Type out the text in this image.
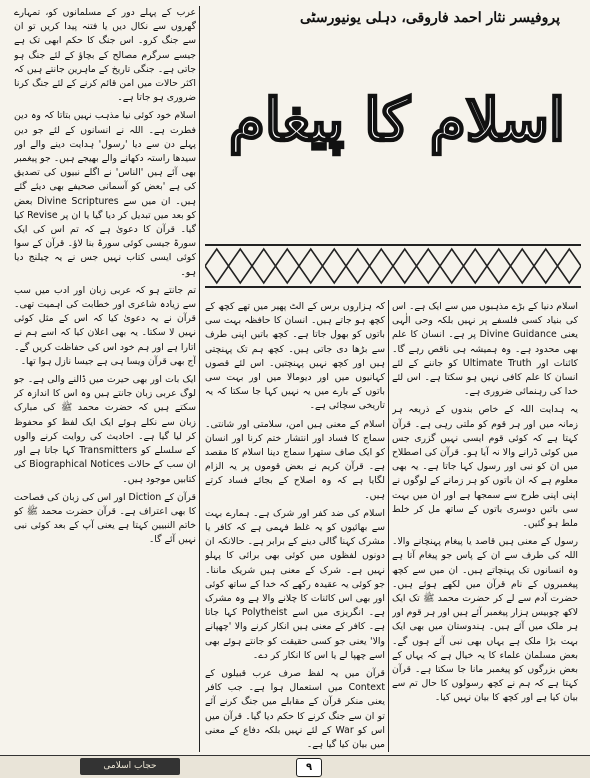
پروفیسر نثار احمد فاروقی، دہلی یونیورسٹی
اسلام کا پیغام

عرب کے پہلے دور کے مسلمانوں کو، تمہارے گھروں سے نکال دیں یا فتنہ پیدا کریں تو ان سے جنگ کرو۔ اس جنگ کا حکم ابھی تک ہے جیسے سرگرم مصالح کے بچاؤ کے لئے جنگ ہو جاتی ہے۔ جنگی تاریخ کے ماہرین جانتے ہیں کہ اکثر حالات میں امن قائم کرنے کے لئے جنگ کرنا ضروری ہو جاتا ہے۔

اسلام خود کوئی نیا مذہب نہیں بتاتا کہ وہ دین فطرت ہے۔ اللہ نے انسانوں کے لئے جو دین پہلے دن سے دیا 'رسول' ہدایت دینے والے اور سیدھا راستہ دکھانے والے بھیجے ہیں۔ جو پیغمبر بھی آئے ہیں 'الناس' نے اگلے نبیوں کی تصدیق کی ہے 'بعض کو آسمانی صحیفے بھی دیئے گئے ہیں۔ ان میں سے Divine Scriptures بعض کو بعد میں تبدیل کر دیا گیا یا ان پر Revise کیا گیا۔ قرآن کا دعویٰ ہے کہ تم اس کی ایک سورۃ جیسی کوئی سورۃ بنا لاؤ۔ قرآن کے سوا کوئی ایسی کتاب نہیں جس نے یہ چیلنج دیا ہو۔

تم جانتے ہو کہ عربی زبان اور ادب میں سب سے زیادہ شاعری اور خطابت کی اہمیت تھی۔ قرآن نے یہ دعویٰ کیا کہ اس کے مثل کوئی نہیں لا سکتا۔ یہ بھی اعلان کیا کہ اسے ہم نے اتارا ہے اور ہم خود اس کی حفاظت کریں گے۔ آج بھی قرآن ویسا ہی ہے جیسا نازل ہوا تھا۔

ایک بات اور بھی حیرت میں ڈالنے والی ہے۔ جو لوگ عربی زبان جانتے ہیں وہ اس کا اندازہ کر سکتے ہیں کہ حضرت محمد ﷺ کی مبارک زبان سے نکلے ہوئے ایک ایک لفظ کو محفوظ کر لیا گیا ہے۔ احادیث کی روایت کرنے والوں کے سلسلے کو Transmitters کہا جاتا ہے اور ان سب کے حالات Biographical Notices کی کتابیں موجود ہیں۔

قرآن کے Diction اور اس کی زبان کی فصاحت کا بھی اعتراف ہے۔ قرآن حضرت محمد ﷺ کو خاتم النبیین کہتا ہے یعنی آپ کے بعد کوئی نبی نہیں آئے گا۔

کہ ہزاروں برس کے الٹ پھیر میں تھے کچھ کے کچھ ہو جاتے ہیں۔ انسان کا حافظہ بہت سی باتوں کو بھول جاتا ہے۔ کچھ باتیں اپنی طرف سے بڑھا دی جاتی ہیں۔ کچھ ہم تک پہنچتی ہیں اور کچھ نہیں پہنچتیں۔ اس لئے قصوں کہانیوں میں اور دیومالا میں اور بہت سی باتوں کے بارے میں یہ نہیں کہا جا سکتا کہ یہ تاریخی سچائی ہے۔

اسلام کے معنی ہیں امن، سلامتی اور شانتی۔ سماج کا فساد اور انتشار ختم کرنا اور انسان کو ایک صاف ستھرا سماج دینا اسلام کا مقصد ہے۔ قرآن کریم نے بعض قوموں پر یہ الزام لگایا ہے کہ وہ اصلاح کے بجائے فساد کرتے ہیں۔

اسلام کی ضد کفر اور شرک ہے۔ ہمارے بہت سے بھائیوں کو یہ غلط فہمی ہے کہ کافر یا مشرک کہنا گالی دینے کے برابر ہے۔ حالانکہ ان دونوں لفظوں میں کوئی بھی برائی کا پہلو نہیں ہے۔ شرک کے معنی ہیں شریک ماننا۔ جو کوئی یہ عقیدہ رکھے کہ خدا کے ساتھ کوئی اور بھی اس کائنات کا چلانے والا ہے وہ مشرک ہے۔ انگریزی میں اسے Polytheist کہا جاتا ہے۔ کافر کے معنی ہیں انکار کرنے والا 'چھپانے والا' یعنی جو کسی حقیقت کو جانتے ہوئے بھی اسے چھپا لے یا اس کا انکار کر دے۔

قرآن میں یہ لفظ صرف عرب قبیلوں کے Context میں استعمال ہوا ہے۔ جب کافر یعنی منکر قرآن کے مقابلے میں جنگ کرنے آئے تو ان سے جنگ کرنے کا حکم دیا گیا۔ قرآن میں اس کو War کے لئے نہیں بلکہ دفاع کے معنی میں بیان کیا گیا ہے۔

اسلام دنیا کے بڑے مذہبوں میں سے ایک ہے۔ اس کی بنیاد کسی فلسفے پر نہیں بلکہ وحی الٰہی یعنی Divine Guidance پر ہے۔ انسان کا علم بھی محدود ہے۔ وہ ہمیشہ ہی ناقص رہے گا۔ کائنات اور Ultimate Truth کو جاننے کے لئے انسان کا علم کافی نہیں ہو سکتا ہے۔ اس لئے خدا کی رہنمائی ضروری ہے۔

یہ ہدایت اللہ کے خاص بندوں کے ذریعہ ہر زمانہ میں اور ہر قوم کو ملتی رہی ہے۔ قرآن کہتا ہے کہ کوئی قوم ایسی نہیں گزری جس میں کوئی ڈرانے والا نہ آیا ہو۔ قرآن کی اصطلاح میں ان کو نبی اور رسول کہا جاتا ہے۔ یہ بھی معلوم ہے کہ ان باتوں کو ہر زمانے کے لوگوں نے اپنی اپنی طرح سے سمجھا ہے اور ان میں بہت سی باتیں دوسری باتوں کے ساتھ مل کر خلط ملط ہو گئیں۔

رسول کے معنی ہیں قاصد یا پیغام پہنچانے والا۔ اللہ کی طرف سے ان کے پاس جو پیغام آتا ہے وہ انسانوں تک پہنچاتے ہیں۔ ان میں سے کچھ پیغمبروں کے نام قرآن میں لکھے ہوئے ہیں۔ حضرت آدم سے لے کر حضرت محمد ﷺ تک ایک لاکھ چوبیس ہزار پیغمبر آئے ہیں اور ہر قوم اور ہر ملک میں آئے ہیں۔ ہندوستان میں بھی ایک بہت بڑا ملک ہے یہاں بھی نبی آئے ہوں گے۔ بعض مسلمان علماء کا یہ خیال ہے کہ یہاں کے بعض بزرگوں کو پیغمبر مانا جا سکتا ہے۔ قرآن کہتا ہے کہ ہم نے کچھ رسولوں کا حال تم سے بیان کیا ہے اور کچھ کا بیان نہیں کیا۔

حجاب اسلامی	۹
